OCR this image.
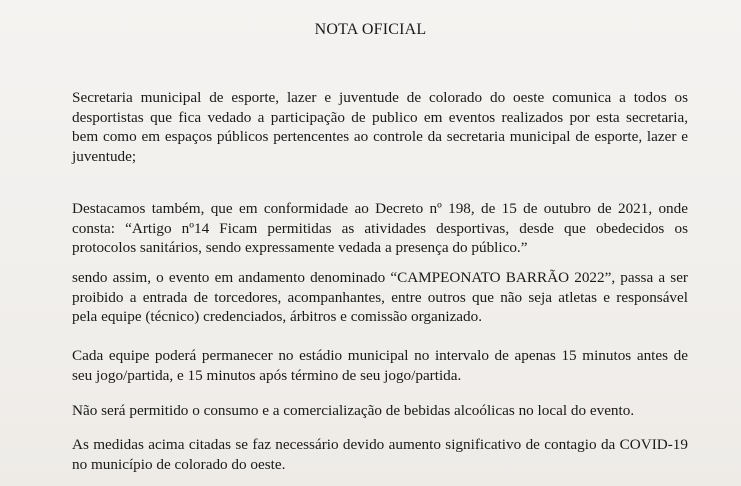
NOTA OFICIAL

Secretaria municipal de esporte, lazer e juventude de colorado do oeste comunica a todos os
desportistas que fica vedado a participação de publico em eventos realizados por esta secretaria,
bem como em espaços públicos pertencentes ao controle da secretaria municipal de esporte, lazer e
juventude;

Destacamos também, que em conformidade ao Decreto nº 198, de 15 de outubro de 2021, onde
consta: “Artigo nº14 Ficam permitidas as atividades desportivas, desde que obedecidos os
protocolos sanitários, sendo expressamente vedada a presença do público.”

sendo assim, o evento em andamento denominado “CAMPEONATO BARRÃO 2022”, passa a ser
proibido a entrada de torcedores, acompanhantes, entre outros que não seja atletas e responsável
pela equipe (técnico) credenciados, árbitros e comissão organizado.

Cada equipe poderá permanecer no estádio municipal no intervalo de apenas 15 minutos antes de
seu jogo/partida, e 15 minutos após término de seu jogo/partida.

Não será permitido o consumo e a comercialização de bebidas alcoólicas no local do evento.

As medidas acima citadas se faz necessário devido aumento significativo de contagio da COVID-19
no município de colorado do oeste.
